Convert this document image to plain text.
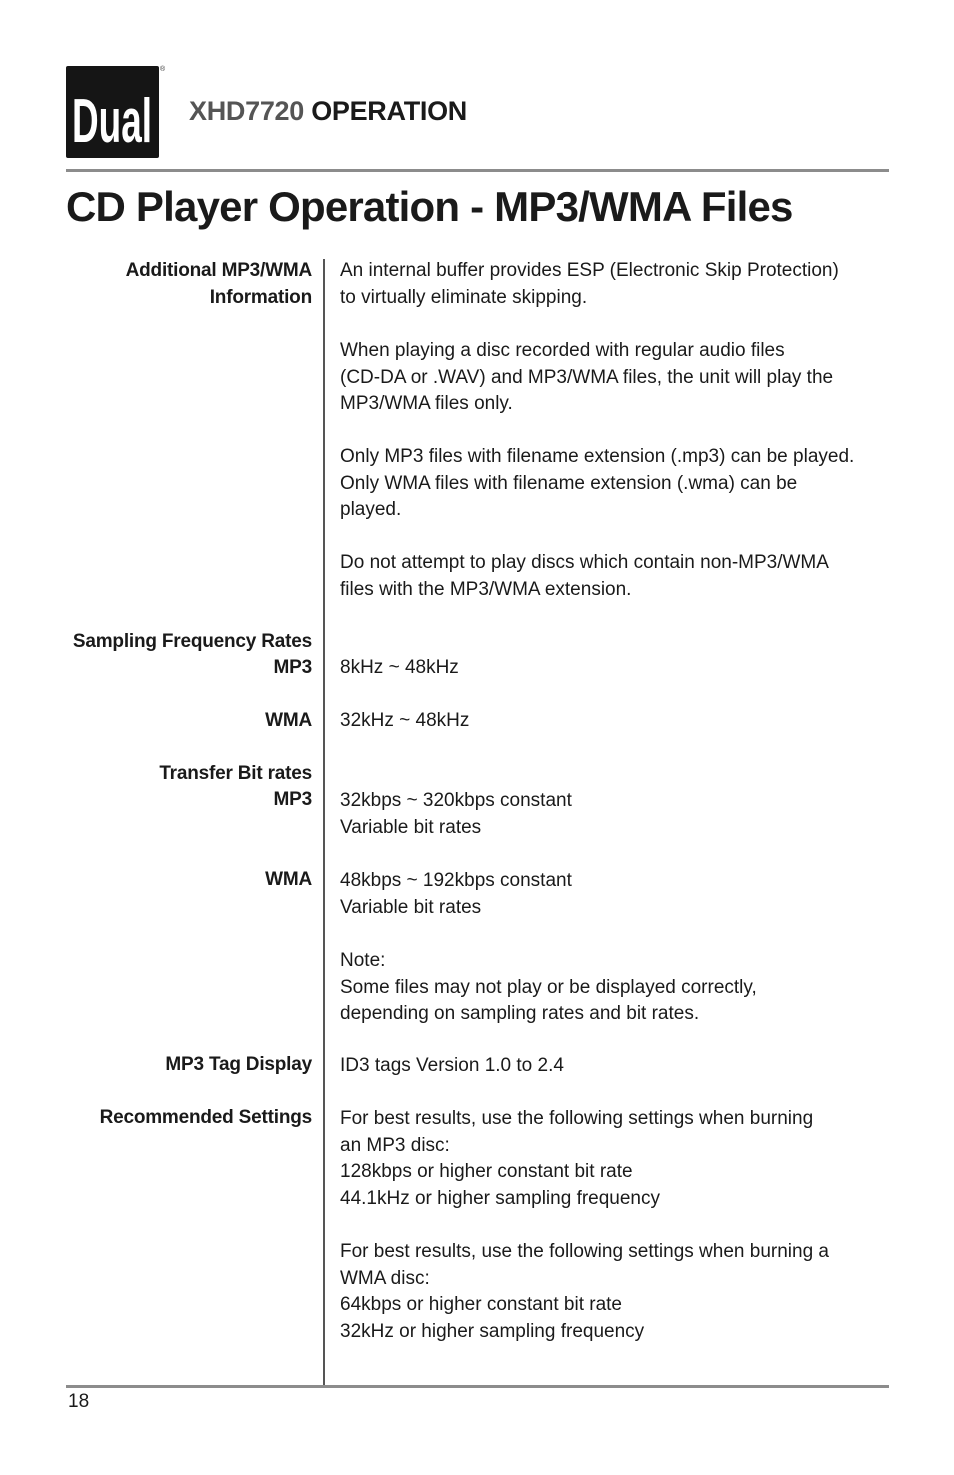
Dual
®
XHD7720 OPERATION
CD Player Operation - MP3/WMA Files
Additional MP3/WMA
Information
Sampling Frequency Rates
MP3
WMA
Transfer Bit rates
MP3
WMA
MP3 Tag Display
Recommended Settings
An internal buffer provides ESP (Electronic Skip Protection)
to virtually eliminate skipping.
When playing a disc recorded with regular audio files
(CD-DA or .WAV) and MP3/WMA files, the unit will play the
MP3/WMA files only.
Only MP3 files with filename extension (.mp3) can be played.
Only WMA files with filename extension (.wma) can be
played.
Do not attempt to play discs which contain non-MP3/WMA
files with the MP3/WMA extension.
8kHz ~ 48kHz
32kHz ~ 48kHz
32kbps ~ 320kbps constant
Variable bit rates
48kbps ~ 192kbps constant
Variable bit rates
Note:
Some files may not play or be displayed correctly,
depending on sampling rates and bit rates.
ID3 tags Version 1.0 to 2.4
For best results, use the following settings when burning
an MP3 disc:
128kbps or higher constant bit rate
44.1kHz or higher sampling frequency
For best results, use the following settings when burning a
WMA disc:
64kbps or higher constant bit rate
32kHz or higher sampling frequency
18
